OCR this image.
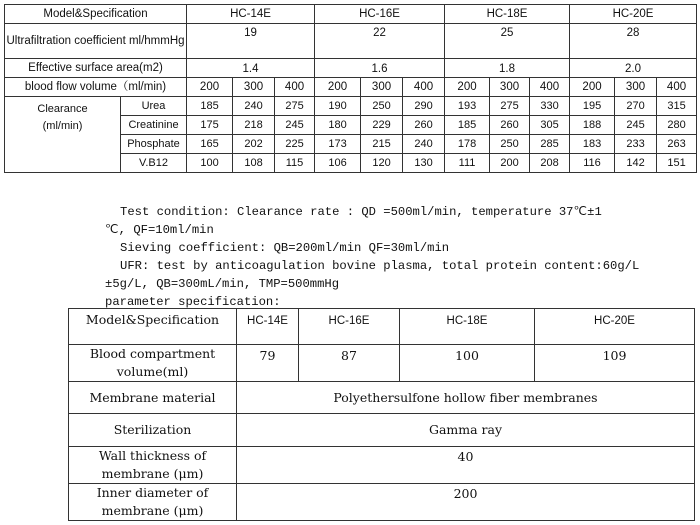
Model&Specification		HC-14E			HC-16E			HC-18E			HC-20E		
Ultrafiltration coefficient ml/hmmHg		19			22			25			28		
Effective surface area(m2)		1.4			1.6			1.8			2.0		
blood flow volume（ml/min)		200	300	400	200	300	400	200	300	400	200	300	400

Clearance
(ml/min)	Urea	185	240	275	190	250	290	193	275	330	195	270	315
	Creatinine	175	218	245	180	229	260	185	260	305	188	245	280
	Phosphate	165	202	225	173	215	240	178	250	285	183	233	263
	V.B12	100	108	115	106	120	130	111	200	208	116	142	151
Test condition: Clearance rate : QD =500ml/min, temperature 37℃±1
℃, QF=10ml/min
Sieving coefficient: QB=200ml/min QF=30ml/min
UFR: test by anticoagulation bovine plasma, total protein content:60g/L
±5g/L, QB=300mL/min, TMP=500mmHg
parameter specification:
Model&Specification	HC-14E	HC-16E	HC-18E	HC-20E
Blood compartment volume(ml)	79	87	100	109
Membrane material	Polyethersulfone hollow fiber membranes			
Sterilization	Gamma ray			
Wall thickness of membrane (μm)	40			
Inner diameter of membrane (μm)	200			
